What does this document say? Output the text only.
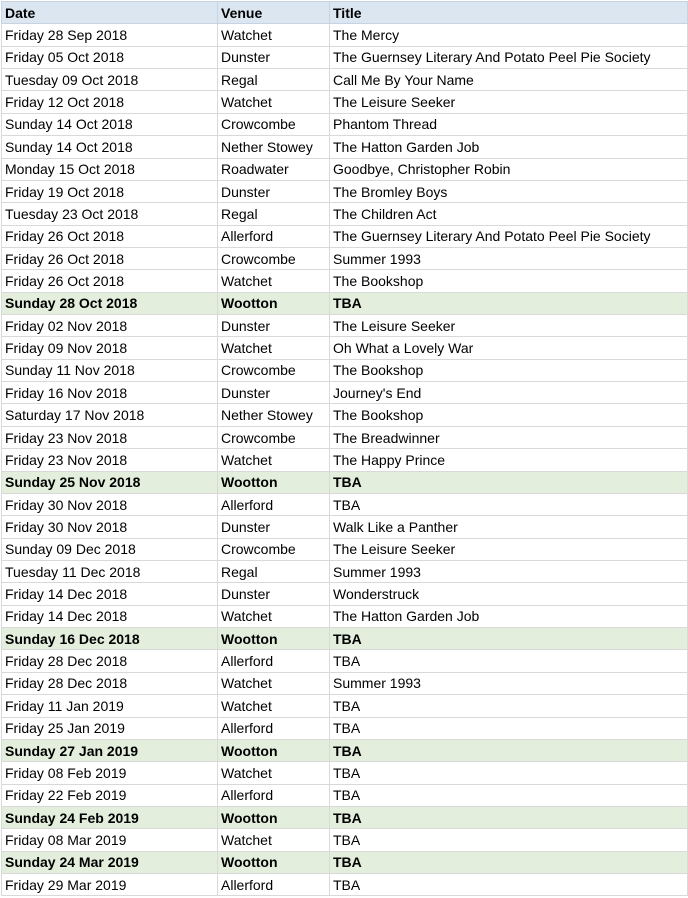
Date	Venue	Title
Friday 28 Sep 2018	Watchet	The Mercy
Friday 05 Oct 2018	Dunster	The Guernsey Literary And Potato Peel Pie Society
Tuesday 09 Oct 2018	Regal	Call Me By Your Name
Friday 12 Oct 2018	Watchet	The Leisure Seeker
Sunday 14 Oct 2018	Crowcombe	Phantom Thread
Sunday 14 Oct 2018	Nether Stowey	The Hatton Garden Job
Monday 15 Oct 2018	Roadwater	Goodbye, Christopher Robin
Friday 19 Oct 2018	Dunster	The Bromley Boys
Tuesday 23 Oct 2018	Regal	The Children Act
Friday 26 Oct 2018	Allerford	The Guernsey Literary And Potato Peel Pie Society
Friday 26 Oct 2018	Crowcombe	Summer 1993
Friday 26 Oct 2018	Watchet	The Bookshop
Sunday 28 Oct 2018	Wootton	TBA
Friday 02 Nov 2018	Dunster	The Leisure Seeker
Friday 09 Nov 2018	Watchet	Oh What a Lovely War
Sunday 11 Nov 2018	Crowcombe	The Bookshop
Friday 16 Nov 2018	Dunster	Journey's End
Saturday 17 Nov 2018	Nether Stowey	The Bookshop
Friday 23 Nov 2018	Crowcombe	The Breadwinner
Friday 23 Nov 2018	Watchet	The Happy Prince
Sunday 25 Nov 2018	Wootton	TBA
Friday 30 Nov 2018	Allerford	TBA
Friday 30 Nov 2018	Dunster	Walk Like a Panther
Sunday 09 Dec 2018	Crowcombe	The Leisure Seeker
Tuesday 11 Dec 2018	Regal	Summer 1993
Friday 14 Dec 2018	Dunster	Wonderstruck
Friday 14 Dec 2018	Watchet	The Hatton Garden Job
Sunday 16 Dec 2018	Wootton	TBA
Friday 28 Dec 2018	Allerford	TBA
Friday 28 Dec 2018	Watchet	Summer 1993
Friday 11 Jan 2019	Watchet	TBA
Friday 25 Jan 2019	Allerford	TBA
Sunday 27 Jan 2019	Wootton	TBA
Friday 08 Feb 2019	Watchet	TBA
Friday 22 Feb 2019	Allerford	TBA
Sunday 24 Feb 2019	Wootton	TBA
Friday 08 Mar 2019	Watchet	TBA
Sunday 24 Mar 2019	Wootton	TBA
Friday 29 Mar 2019	Allerford	TBA
